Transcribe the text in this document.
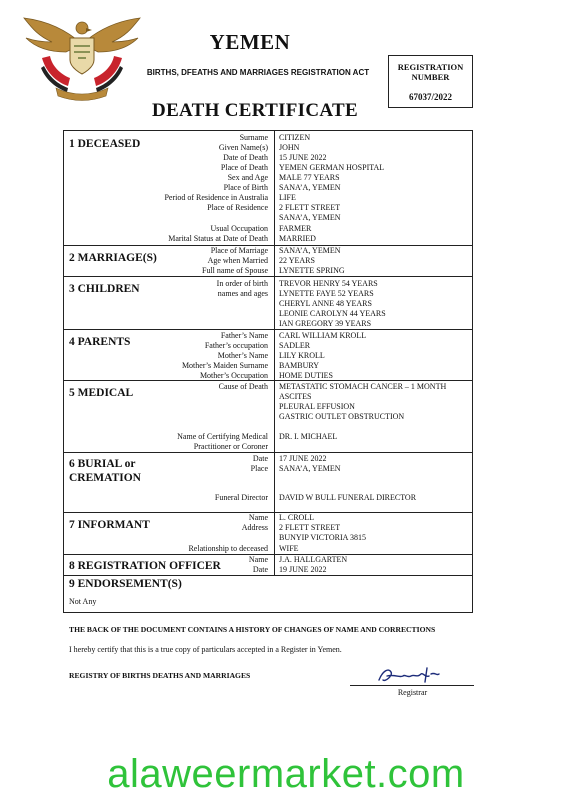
YEMEN
BIRTHS, DFEATHS AND MARRIAGES REGISTRATION ACT
REGISTRATION NUMBER
67037/2022
DEATH CERTIFICATE
1 DECEASED
Surname CITIZEN
Given Name(s) JOHN
Date of Death 15 JUNE 2022
Place of Death YEMEN GERMAN HOSPITAL
Sex and Age MALE 77 YEARS
Place of Birth SANA’A, YEMEN
Period of Residence in Australia LIFE
Place of Residence 2 FLETT STREET
SANA’A, YEMEN
Usual Occupation FARMER
Marital Status at Date of Death MARRIED
2 MARRIAGE(S)
Place of Marriage SANA’A, YEMEN
Age when Married 22 YEARS
Full name of Spouse LYNETTE SPRING
3 CHILDREN	In order of birth TREVOR HENRY 54 YEARS
names and ages LYNETTE FAYE 52 YEARS
CHERYL ANNE 48 YEARS
LEONIE CAROLYN 44 YEARS
IAN GREGORY 39 YEARS
4 PARENTS
Father’s Name CARL WILLIAM KROLL
Father’s occupation SADLER
Mother’s Name LILY KROLL
Mother’s Maiden Surname BAMBURY
Mother’s Occupation HOME DUTIES
5 MEDICAL
Cause of Death METASTATIC STOMACH CANCER – 1 MONTH
ASCITES
PLEURAL EFFUSION
GASTRIC OUTLET OBSTRUCTION
Name of Certifying Medical DR. I. MICHAEL
Practitioner or Coroner
6 BURIAL or
CREMATION
Date 17 JUNE 2022
Place SANA’A, YEMEN
Funeral Director DAVID W BULL FUNERAL DIRECTOR
7 INFORMANT
Name L. CROLL
Address 2 FLETT STREET
BUNYIP VICTORIA 3815
Relationship to deceased WIFE
8 REGISTRATION OFFICER
Name J.A. HALLGARTEN
Date 19 JUNE 2022
9 ENDORSEMENT(S)
Not Any
THE BACK OF THE DOCUMENT CONTAINS A HISTORY OF CHANGES OF NAME AND CORRECTIONS
I hereby certify that this is a true copy of particulars accepted in a Register in Yemen.
REGISTRY OF BIRTHS DEATHS AND MARRIAGES
Registrar
alaweermarket.com
